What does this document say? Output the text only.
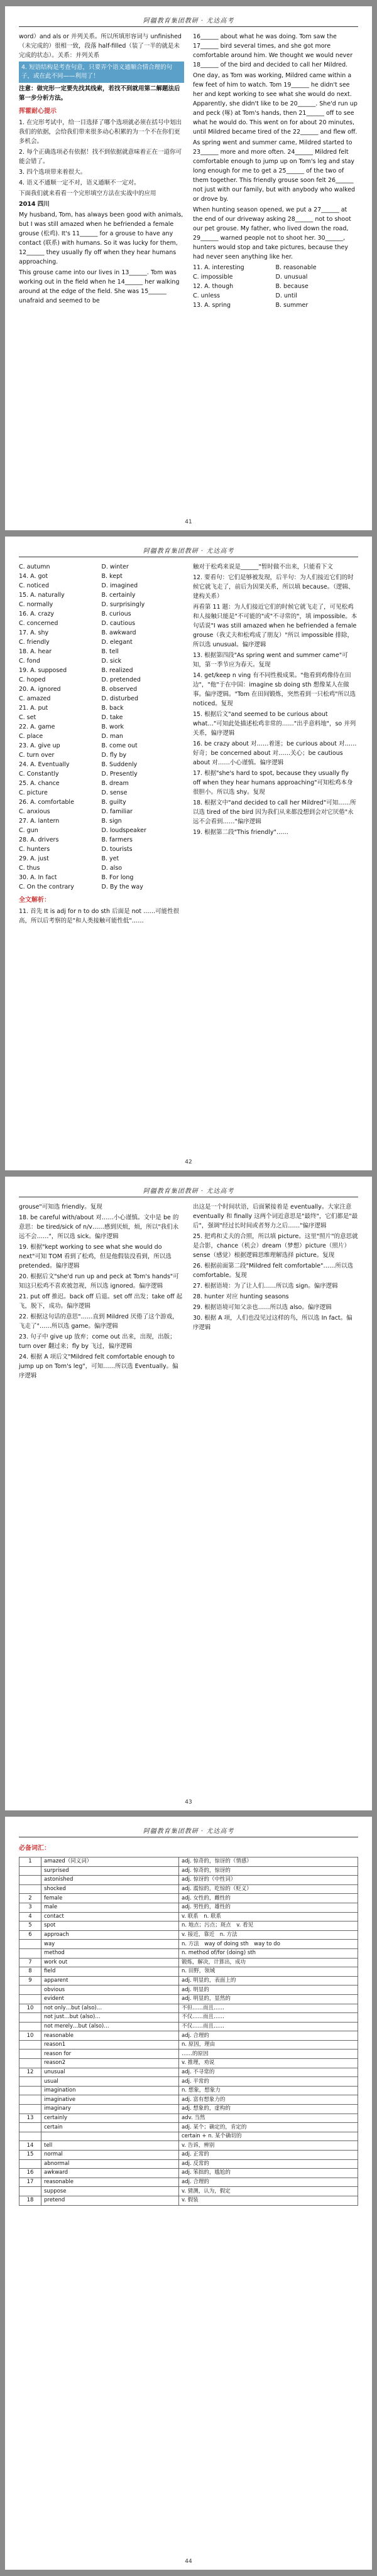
阿疆教育集团教研 · 尤达高考

word）and als or 并列关系。所以所填形容词与 unfinished（未完成的）很相一致，段落 half-filled（装了一半的就是未完成的状态）。关系：并列关系

4. 短语结构是考查句意，只要弄个语义通顺合情合理的句子，或在此不同——利用了！

注意：做完形一定要先找其线索，若找不到就用第二解题法后第一步分析方法。

挥霍耐心提示

1. 在完形考试中，给一目选择了哪个选项就必须在括号中划出我们的依据，会给我们带来很多动心积累的为一个不在你们更多机会。

2. 每个正确选项必有依据！找不到依据就意味着正在一道你可能会错了。

3. 四个选项带来着很大。

4. 语义不通顺一定不对，语义通顺不一定对。

下面我们就来看看一个完形填空方法在实战中的应用

2014 四川

My husband, Tom, has always been good with animals, but I was still amazed when he befriended a female grouse (松鸡). It's 11______ for a grouse to have any contact (联系) with humans. So it was lucky for them, 12______ they usually fly off when they hear humans approaching.

This grouse came into our lives in 13______. Tom was working out in the field when he 14______ her walking around at the edge of the field. She was 15______ unafraid and seemed to be

16______ about what he was doing. Tom saw the 17______ bird several times, and she got more comfortable around him. We thought we would never 18______ of the bird and decided to call her Mildred.

One day, as Tom was working, Mildred came within a few feet of him to watch. Tom 19______ he didn't see her and kept working to see what she would do next. Apparently, she didn't like to be 20______. She'd run up and peck (啄) at Tom's hands, then 21______ off to see what he would do. This went on for about 20 minutes, until Mildred became tired of the 22______ and flew off.

As spring went and summer came, Mildred started to 23______ more and more often. 24______ Mildred felt comfortable enough to jump up on Tom's leg and stay long enough for me to get a 25______ of the two of them together. This friendly grouse soon felt 26______ not just with our family, but with anybody who walked or drove by.

When hunting season opened, we put a 27______ at the end of our driveway asking 28______ not to shoot our pet grouse. My father, who lived down the road, 29______ warned people not to shoot her. 30______, hunters would stop and take pictures, because they had never seen anything like her.

11. A. interesting	B. reasonable
C. impossible	D. unusual
12. A. though	B. because
C. unless	D. until
13. A. spring	B. summer
41
阿疆教育集团教研 · 尤达高考
C. autumn	D. winter
14. A. got	B. kept
C. noticed	D. imagined
15. A. naturally	B. certainly
C. normally	D. surprisingly
16. A. crazy	B. curious
C. concerned	D. cautious
17. A. shy	B. awkward
C. friendly	D. elegant
18. A. hear	B. tell
C. fond	D. sick
19. A. supposed	B. realized
C. hoped	D. pretended
20. A. ignored	B. observed
C. amazed	D. disturbed
21. A. put	B. back
C. set	D. take
22. A. game	B. work
C. place	D. man
23. A. give up	B. come out
C. turn over	D. fly by
24. A. Eventually	B. Suddenly
C. Constantly	D. Presently
25. A. chance	B. dream
C. picture	D. sense
26. A. comfortable	B. guilty
C. anxious	D. familiar
27. A. lantern	B. sign
C. gun	D. loudspeaker
28. A. drivers	B. farmers
C. hunters	D. tourists
29. A. just	B. yet
C. thus	D. also
30. A. In fact	B. For long
C. On the contrary	D. By the way
全文解析：

11. 首先 It is adj for n to do sth 后面是 not ……可能性很高，所以后考察的是"和人类接触可能性低"……

触对于松鸡来说是______"暂时做不出来，只能看下文

12. 要看句：它们是够被发现，后半句：为人们接近它们的时候它就飞走了，前后为因果关系，所以填 because。（逻辑、建构关系）

再看第 11 题：为人们接近它们的时候它就飞走了，可见松鸡和人接触只能是"不可能的"或"不寻常的"，填 impossible。本句话说"I was still amazed when he befriended a female grouse（我丈夫和松鸡成了朋友）"所以 impossible 排除，所以选 unusual。偏序逻辑

13. 根据第四段"As spring went and summer came"可知，第一季节应为春天。复现

14. get/keep n ving 有不同性极成果。"他看到鸡像侍在田边"，"他"于在中国：imagine sb doing sth 想像某人在做事。偏序逻辑。"Tom 在田间锻炼，突然看到一只松鸡"所以选 noticed。复现

15. 根据后文"and seemed to be curious about what…"可知此处描述松鸡非常的……"出乎意料地"，so 并列关系，偏序逻辑

16. be crazy about 对……着迷；be curious about 对……好奇；be concerned about 对……关心；be cautious about 对……小心谨慎。偏序逻辑

17. 根据"she's hard to spot, because they usually fly off when they hear humans approaching"可知松鸡本身很胆小。所以选 shy。复现

18. 根据文中"and decided to call her Mildred"可知……所以选 tired of the bird 因为我们从来都没想到会对它厌倦"永远不会看到……"偏序逻辑

19. 根据第二段"This friendly"……

42
阿疆教育集团教研 · 尤达高考

grouse"可知选 friendly。复现

18. be careful with/about 对……小心谨慎。文中是 be 的意思：be tired/sick of n/v……感到厌烦，烦，所以"我们永远不会……"，所以选 sick。偏序逻辑

19. 根据"kept working to see what she would do next"可知 TOM 看到了松鸡，但是他假装没看到，所以选 pretended。偏序逻辑

20. 根据后文"she'd run up and peck at Tom's hands"可知这只松鸡不喜欢被忽视，所以选 ignored。偏序逻辑

21. put off 推迟。back off 后退。set off 出发；take off 起飞，脱下，成功。偏序逻辑

22. 根据这句话的意思"……直到 Mildred 厌倦了这个游戏，飞走了"……所以选 game。偏序逻辑

23. 句子中 give up 放弃；come out 出来，出现，出版；turn over 翻过来；fly by 飞过，偏序逻辑

24. 根据 A 项后文"Mildred felt comfortable enough to jump up on Tom's leg"，可知……所以选 Eventually。偏序逻辑

出这是一个时间状语，后面紧接着是 eventually。大家注意 eventually 和 finally 这两个词近意思是"最终"，它们都是"最后"，强调"经过长时间或者努力之后……"偏序逻辑

25. 把鸡和丈夫的合照，所以填 picture。这里"照片"的意思就是合影，chance（机会）dream（梦想）picture（照片）sense（感觉）根据逻辑思维理解选择 picture。复现

26. 根据前面第二段"Mildred felt comfortable"……所以选 comfortable。复现

27. 根据语境：为了让人们……所以选 sign。偏序逻辑

28. hunter 对应 hunting seasons

29. 根据语境可知父亲也……所以选 also。偏序逻辑

30. 根据 A 项，人们也没见过这样的鸟，所以选 In fact。偏序逻辑

43
阿疆教育集团教研 · 尤达高考
必备词汇：
1	amazed（同义词）	adj. 惊奇的，惊讶的（情感）
	surprised	adj. 惊奇的，惊讶的
	astonished	adj. 惊讶的（中性词）
	shocked	adj. 震惊的，吃惊的（贬义）
2	female	adj. 女性的，雌性的
3	male	adj. 男性的，雄性的
4	contact	v. 联系　n. 联系
5	spot	n. 地点；污点；斑点　v. 看见
6	approach	v. 接近，靠近　n. 方法
	way	n. 方法　way of doing sth　way to do
	method	n. method of/for (doing) sth
7	work out	锻炼，解决，计算出，成功
8	field	n. 田野，领域
9	apparent	adj. 明显的，表面上的
	obvious	adj. 明显的
	evident	adj. 明显的，显然的
10	not only…but (also)…	不但……而且……
	not just…but (also)…	不仅……而且……
	not merely…but (also)…	不仅……而且……
10	reasonable	adj. 合理的
	reason1	n. 原因，理由
	reason for	……的原因
	reason2	v. 推理，劝说
12	unusual	adj. 不寻常的
	usual	adj. 平常的
	imagination	n. 想象，想象力
	imaginative	adj. 富有想象力的
	imaginary	adj. 想象的，虚构的
13	certainly	adv. 当然
	certain	adj. 某个；确定的，肯定的
		certain + n. 某个确切的
14	tell	v. 告诉，辨别
15	normal	adj. 正常的
	abnormal	adj. 反常的
16	awkward	adj. 笨拙的，尴尬的
17	reasonable	adj. 合理的
	suppose	v. 猜测，认为，假定
18	pretend	v. 假装
44
